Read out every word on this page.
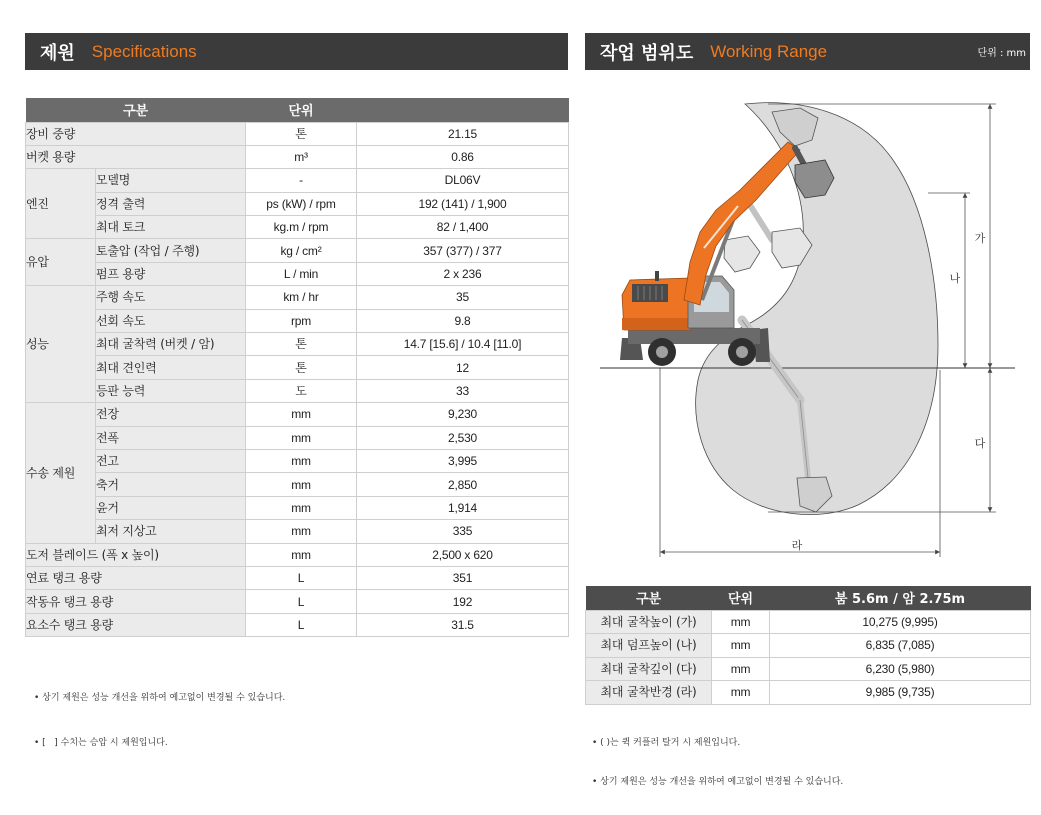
제원 Specifications	작업 범위도 Working Range	단위 : mm
구분		단위	
장비 중량		톤	21.15
버켓 용량		m³	0.86
엔진	모델명	-	DL06V
	정격 출력	ps (kW) / rpm	192 (141) / 1,900
	최대 토크	kg.m / rpm	82 / 1,400
유압	토출압 (작업 / 주행)	kg / cm²	357 (377) / 377
	펌프 용량	L / min	2 x 236
성능	주행 속도	km / hr	35
	선회 속도	rpm	9.8
	최대 굴착력 (버켓 / 암)	톤	14.7 [15.6] / 10.4 [11.0]
	최대 견인력	톤	12
	등판 능력	도	33
수송 제원	전장	mm	9,230
	전폭	mm	2,530
	전고	mm	3,995
	축거	mm	2,850
	윤거	mm	1,914
	최저 지상고	mm	335
도저 블레이드 (폭 x 높이)		mm	2,500 x 620
연료 탱크 용량		L	351
작동유 탱크 용량		L	192
요소수 탱크 용량		L	31.5

• 상기 제원은 성능 개선을 위하여 예고없이 변경될 수 있습니다.

• [   ] 수치는 승압 시 제원입니다.

가
나
다
라
구분	단위	붐 5.6m / 암 2.75m
최대 굴착높이 (가)	mm	10,275 (9,995)
최대 덤프높이 (나)	mm	6,835 (7,085)
최대 굴착깊이 (다)	mm	6,230 (5,980)
최대 굴착반경 (라)	mm	9,985 (9,735)

• ( )는 퀵 커플러 탈거 시 제원입니다.

• 상기 제원은 성능 개선을 위하여 예고없이 변경될 수 있습니다.
